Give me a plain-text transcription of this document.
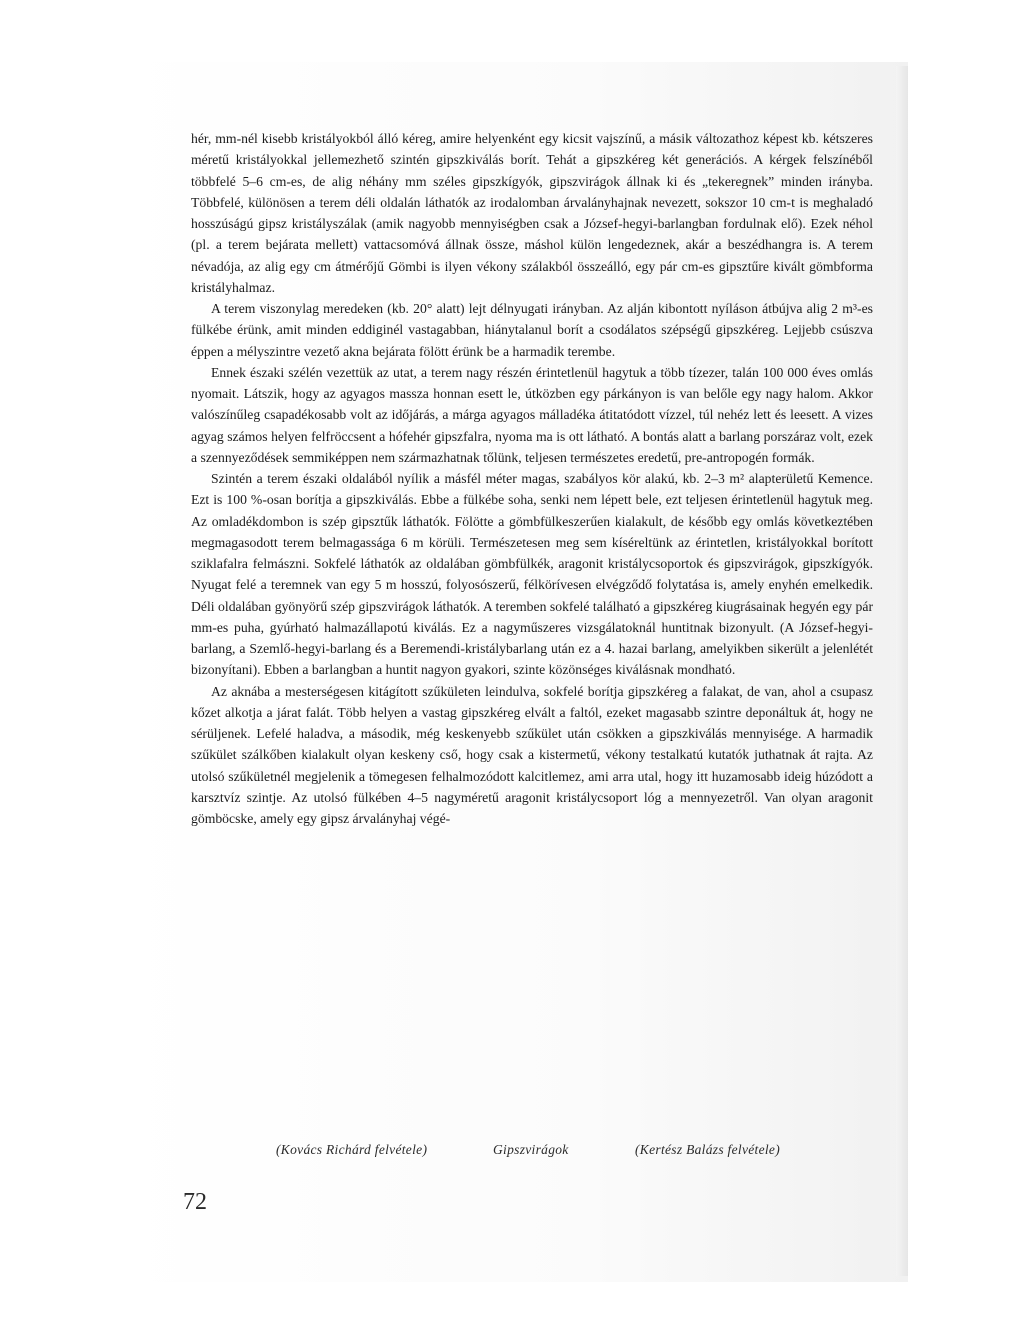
hér, mm-nél kisebb kristályokból álló kéreg, amire helyenként egy kicsit vajszínű, a másik változathoz képest kb. kétszeres méretű kristályokkal jellemezhető szintén gipszkiválás borít. Tehát a gipszkéreg két generációs. A kérgek felszínéből többfelé 5–6 cm-es, de alig néhány mm széles gipszkígyók, gipszvirágok állnak ki és „tekeregnek” minden irányba. Többfelé, különösen a terem déli oldalán láthatók az irodalomban árvalányhajnak nevezett, sokszor 10 cm-t is meghaladó hosszúságú gipsz kristályszálak (amik nagyobb mennyiségben csak a József-hegyi-barlangban fordulnak elő). Ezek néhol (pl. a terem bejárata mellett) vattacsomóvá állnak össze, máshol külön lengedeznek, akár a beszédhangra is. A terem névadója, az alig egy cm átmérőjű Gömbi is ilyen vékony szálakból összeálló, egy pár cm-es gipsztűre kivált gömbforma kristályhalmaz.

A terem viszonylag meredeken (kb. 20° alatt) lejt délnyugati irányban. Az alján kibontott nyíláson átbújva alig 2 m³-es fülkébe érünk, amit minden eddiginél vastagabban, hiánytalanul borít a csodálatos szépségű gipszkéreg. Lejjebb csúszva éppen a mélyszintre vezető akna bejárata fölött érünk be a harmadik terembe.

Ennek északi szélén vezettük az utat, a terem nagy részén érintetlenül hagytuk a több tízezer, talán 100 000 éves omlás nyomait. Látszik, hogy az agyagos massza honnan esett le, útközben egy párkányon is van belőle egy nagy halom. Akkor valószínűleg csapadékosabb volt az időjárás, a márga agyagos málladéka átitatódott vízzel, túl nehéz lett és leesett. A vizes agyag számos helyen felfröccsent a hófehér gipszfalra, nyoma ma is ott látható. A bontás alatt a barlang porszáraz volt, ezek a szennyeződések semmiképpen nem származhatnak tőlünk, teljesen természetes eredetű, pre-antropogén formák.

Szintén a terem északi oldalából nyílik a másfél méter magas, szabályos kör alakú, kb. 2–3 m² alapterületű Kemence. Ezt is 100 %-osan borítja a gipszkiválás. Ebbe a fülkébe soha, senki nem lépett bele, ezt teljesen érintetlenül hagytuk meg. Az omladékdombon is szép gipsztűk láthatók. Fölötte a gömbfülkeszerűen kialakult, de később egy omlás következtében megmagasodott terem belmagassága 6 m körüli. Természetesen meg sem kíséreltünk az érintetlen, kristályokkal borított sziklafalra felmászni. Sokfelé láthatók az oldalában gömbfülkék, aragonit kristálycsoportok és gipszvirágok, gipszkígyók. Nyugat felé a teremnek van egy 5 m hosszú, folyosószerű, félkörívesen elvégződő folytatása is, amely enyhén emelkedik. Déli oldalában gyönyörű szép gipszvirágok láthatók. A teremben sokfelé található a gipszkéreg kiugrásainak hegyén egy pár mm-es puha, gyúrható halmazállapotú kiválás. Ez a nagyműszeres vizsgálatoknál huntitnak bizonyult. (A József-hegyi-barlang, a Szemlő-hegyi-barlang és a Beremendi-kristálybarlang után ez a 4. hazai barlang, amelyikben sikerült a jelenlétét bizonyítani). Ebben a barlangban a huntit nagyon gyakori, szinte közönséges kiválásnak mondható.

Az aknába a mesterségesen kitágított szűkületen leindulva, sokfelé borítja gipszkéreg a falakat, de van, ahol a csupasz kőzet alkotja a járat falát. Több helyen a vastag gipszkéreg elvált a faltól, ezeket magasabb szintre deponáltuk át, hogy ne sérüljenek. Lefelé haladva, a második, még keskenyebb szűkület után csökken a gipszkiválás mennyisége. A harmadik szűkület szálkőben kialakult olyan keskeny cső, hogy csak a kistermetű, vékony testalkatú kutatók juthatnak át rajta. Az utolsó szűkületnél megjelenik a tömegesen felhalmozódott kalcitlemez, ami arra utal, hogy itt huzamosabb ideig húzódott a karsztvíz szintje. Az utolsó fülkében 4–5 nagyméretű aragonit kristálycsoport lóg a mennyezetről. Van olyan aragonit gömböcske, amely egy gipsz árvalányhaj végé-

(Kovács Richárd felvétele)	Gipszvirágok	(Kertész Balázs felvétele)
72
